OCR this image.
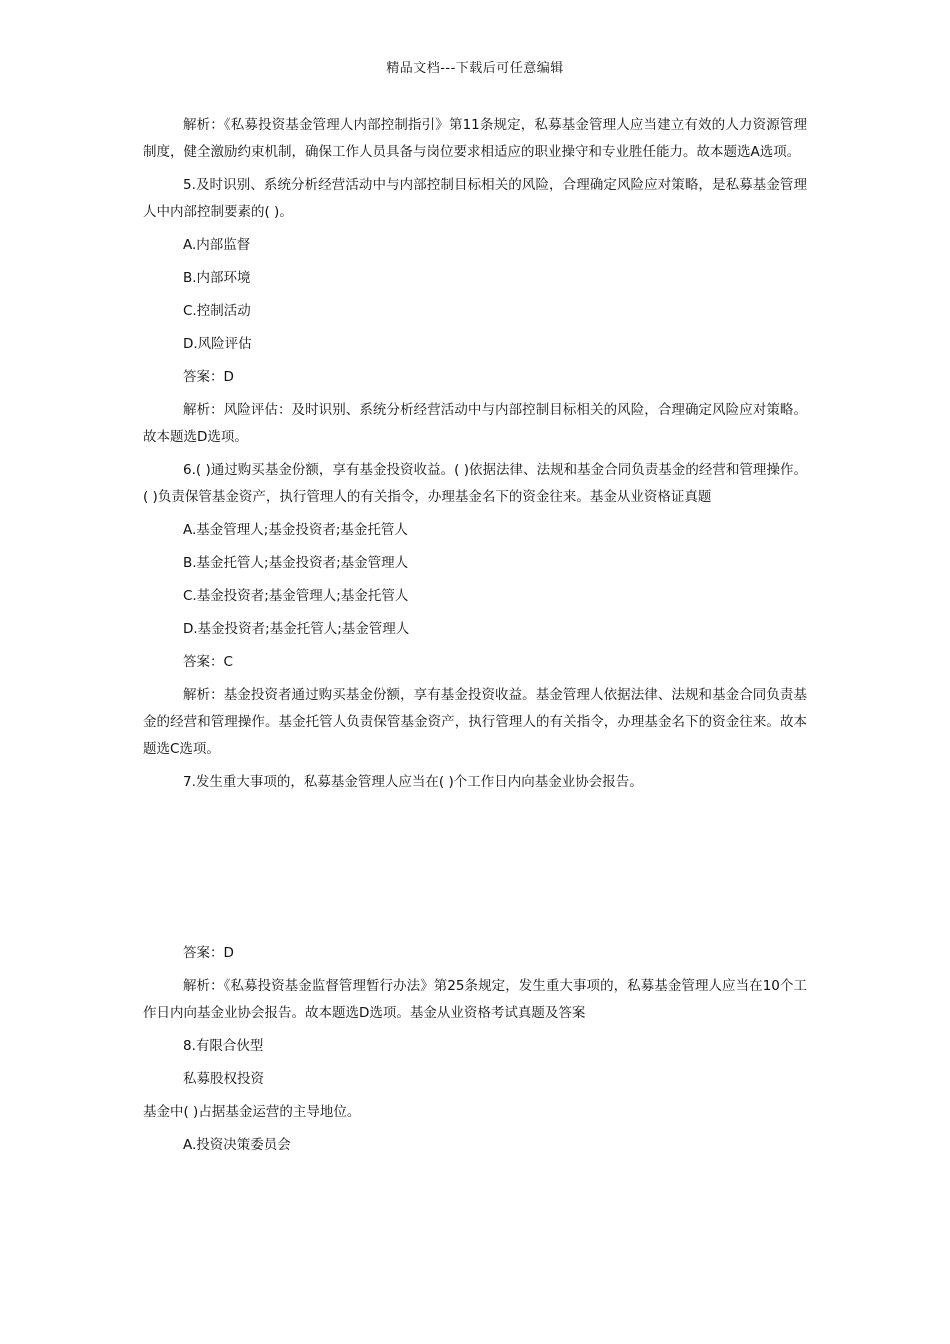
精品文档---下载后可任意编辑

解析：《私募投资基金管理人内部控制指引》第11条规定，私募基金管理人应当建立有效的人力资源管理制度，健全激励约束机制，确保工作人员具备与岗位要求相适应的职业操守和专业胜任能力。故本题选A选项。

5.及时识别、系统分析经营活动中与内部控制目标相关的风险，合理确定风险应对策略，是私募基金管理人中内部控制要素的( )。

A.内部监督

B.内部环境

C.控制活动

D.风险评估

答案：D

解析：风险评估：及时识别、系统分析经营活动中与内部控制目标相关的风险，合理确定风险应对策略。故本题选D选项。

6.( )通过购买基金份额，享有基金投资收益。( )依据法律、法规和基金合同负责基金的经营和管理操作。( )负责保管基金资产，执行管理人的有关指令，办理基金名下的资金往来。基金从业资格证真题

A.基金管理人;基金投资者;基金托管人

B.基金托管人;基金投资者;基金管理人

C.基金投资者;基金管理人;基金托管人

D.基金投资者;基金托管人;基金管理人

答案：C

解析：基金投资者通过购买基金份额，享有基金投资收益。基金管理人依据法律、法规和基金合同负责基金的经营和管理操作。基金托管人负责保管基金资产，执行管理人的有关指令，办理基金名下的资金往来。故本题选C选项。

7.发生重大事项的，私募基金管理人应当在( )个工作日内向基金业协会报告。

答案：D

解析：《私募投资基金监督管理暂行办法》第25条规定，发生重大事项的，私募基金管理人应当在10个工作日内向基金业协会报告。故本题选D选项。基金从业资格考试真题及答案

8.有限合伙型

私募股权投资

基金中( )占据基金运营的主导地位。

A.投资决策委员会
